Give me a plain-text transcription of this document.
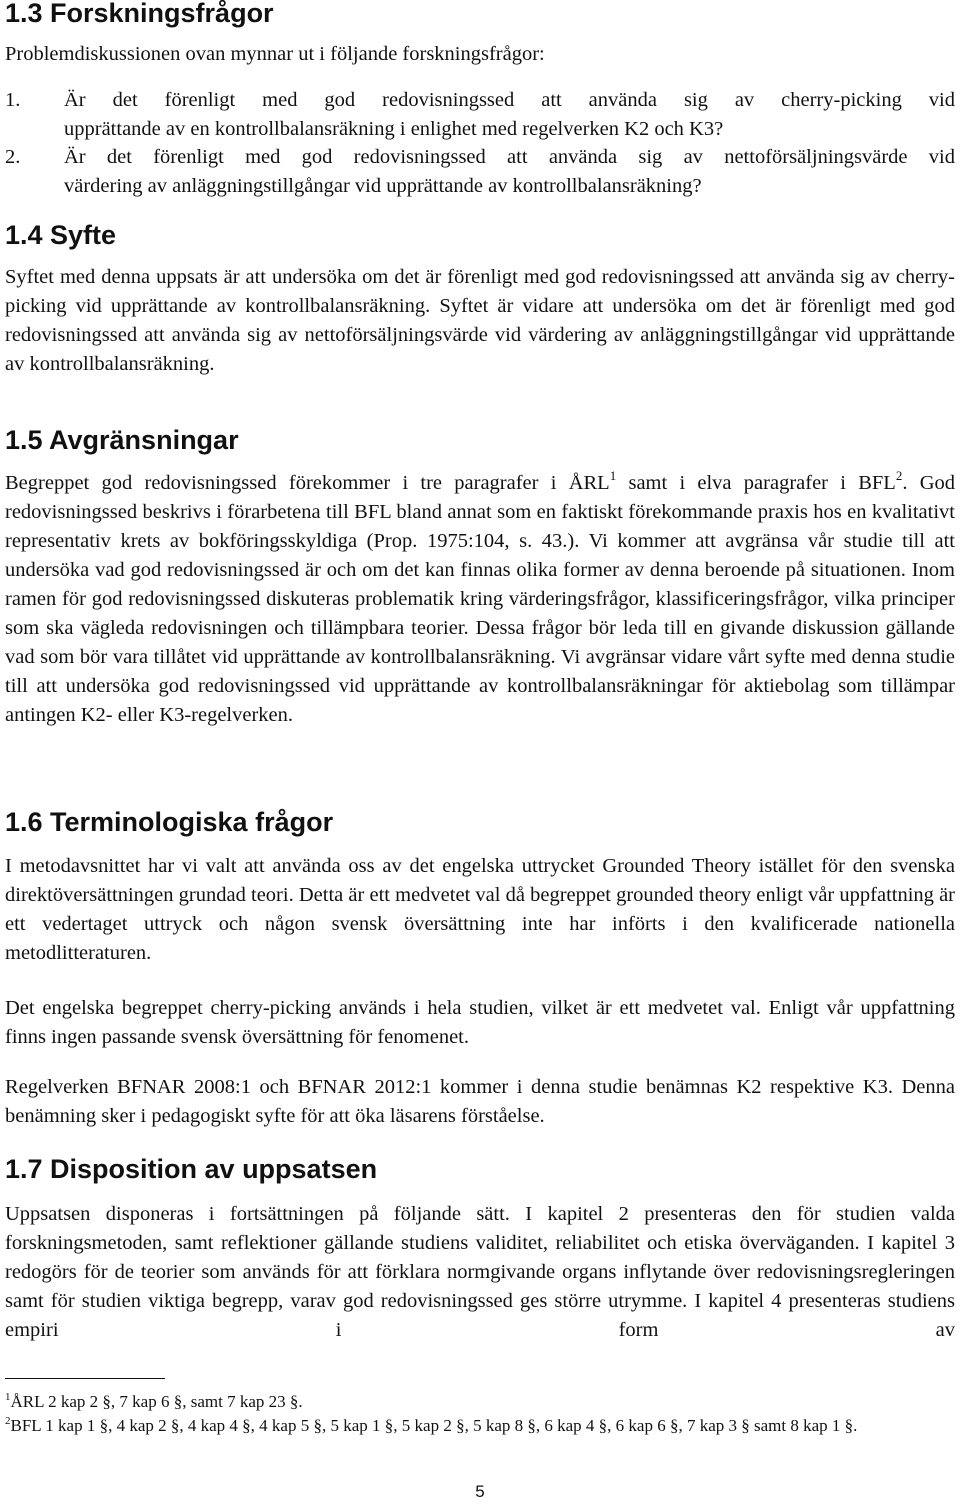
1.3 Forskningsfrågor

Problemdiskussionen ovan mynnar ut i följande forskningsfrågor:

1. Är det förenligt med god redovisningssed att använda sig av cherry-picking vid
upprättande av en kontrollbalansräkning i enlighet med regelverken K2 och K3?
2. Är det förenligt med god redovisningssed att använda sig av nettoförsäljningsvärde vid
värdering av anläggningstillgångar vid upprättande av kontrollbalansräkning?
1.4 Syfte

Syftet med denna uppsats är att undersöka om det är förenligt med god redovisningssed att använda sig av cherry-picking vid upprättande av kontrollbalansräkning. Syftet är vidare att undersöka om det är förenligt med god redovisningssed att använda sig av nettoförsäljningsvärde vid värdering av anläggningstillgångar vid upprättande av kontrollbalansräkning.

1.5 Avgränsningar

Begreppet god redovisningssed förekommer i tre paragrafer i ÅRL$^1$ samt i elva paragrafer i BFL$^2$. God redovisningssed beskrivs i förarbetena till BFL bland annat som en faktiskt förekommande praxis hos en kvalitativt representativ krets av bokföringsskyldiga (Prop. 1975:104, s. 43.). Vi kommer att avgränsa vår studie till att undersöka vad god redovisningssed är och om det kan finnas olika former av denna beroende på situationen. Inom ramen för god redovisningssed diskuteras problematik kring värderingsfrågor, klassificeringsfrågor, vilka principer som ska vägleda redovisningen och tillämpbara teorier. Dessa frågor bör leda till en givande diskussion gällande vad som bör vara tillåtet vid upprättande av kontrollbalansräkning. Vi avgränsar vidare vårt syfte med denna studie till att undersöka god redovisningssed vid upprättande av kontrollbalansräkningar för aktiebolag som tillämpar antingen K2- eller K3-regelverken.

1.6 Terminologiska frågor

I metodavsnittet har vi valt att använda oss av det engelska uttrycket Grounded Theory istället för den svenska direktöversättningen grundad teori. Detta är ett medvetet val då begreppet grounded theory enligt vår uppfattning är ett vedertaget uttryck och någon svensk översättning inte har införts i den kvalificerade nationella metodlitteraturen.

Det engelska begreppet cherry-picking används i hela studien, vilket är ett medvetet val. Enligt vår uppfattning finns ingen passande svensk översättning för fenomenet.

Regelverken BFNAR 2008:1 och BFNAR 2012:1 kommer i denna studie benämnas K2 respektive K3. Denna benämning sker i pedagogiskt syfte för att öka läsarens förståelse.

1.7 Disposition av uppsatsen

Uppsatsen disponeras i fortsättningen på följande sätt. I kapitel 2 presenteras den för studien valda forskningsmetoden, samt reflektioner gällande studiens validitet, reliabilitet och etiska överväganden. I kapitel 3 redogörs för de teorier som används för att förklara normgivande organs inflytande över redovisningsregleringen samt för studien viktiga begrepp, varav god redovisningssed ges större utrymme. I kapitel 4 presenteras studiens empiri i form av

$^1$ÅRL 2 kap 2 §, 7 kap 6 §, samt 7 kap 23 §.
$^2$BFL 1 kap 1 §, 4 kap 2 §, 4 kap 4 §, 4 kap 5 §, 5 kap 1 §, 5 kap 2 §, 5 kap 8 §, 6 kap 4 §, 6 kap 6 §, 7 kap 3 § samt 8 kap 1 §.
5
